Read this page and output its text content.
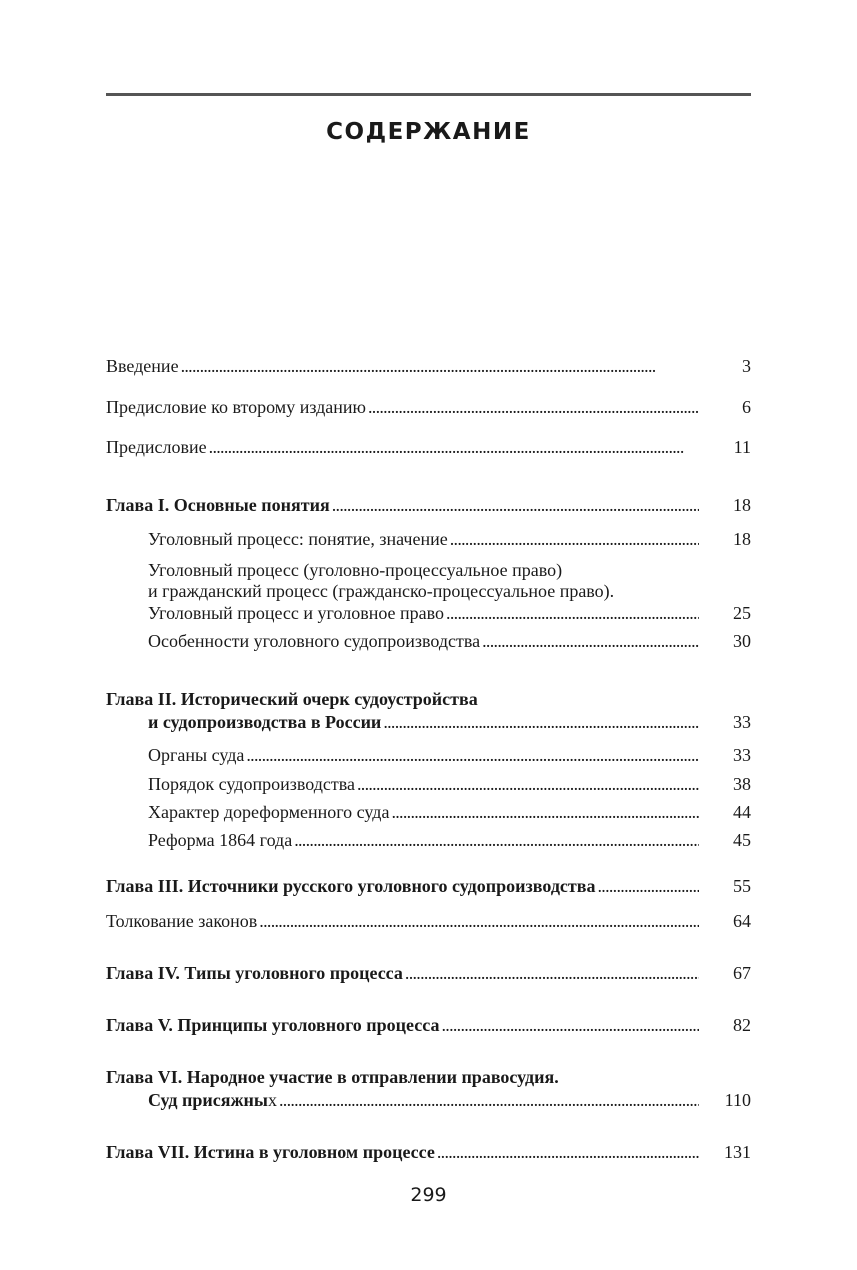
СОДЕРЖАНИЕ
Введение . . .	3
Предисловие ко второму изданию . . .	6
Предисловие . . .	11
Глава I. Основные понятия . . .	18
Уголовный процесс: понятие, значение . . .	18
Уголовный процесс (уголовно-процессуальное право)
и гражданский процесс (гражданско-процессуальное право).
Уголовный процесс и уголовное право . . .	25
Особенности уголовного судопроизводства . . .	30
Глава II. Исторический очерк судоустройства
и судопроизводства в России . . .	33
Органы суда . . .	33
Порядок судопроизводства . . .	38
Характер дореформенного суда . . .	44
Реформа 1864 года . . .	45
Глава III. Источники русского уголовного судопроизводства . . .	55
Толкование законов . . .	64
Глава IV. Типы уголовного процесса . . .	67
Глава V. Принципы уголовного процесса . . .	82
Глава VI. Народное участие в отправлении правосудия.
Суд присяжных . . .	110
Глава VII. Истина в уголовном процессе . . .	131
299
